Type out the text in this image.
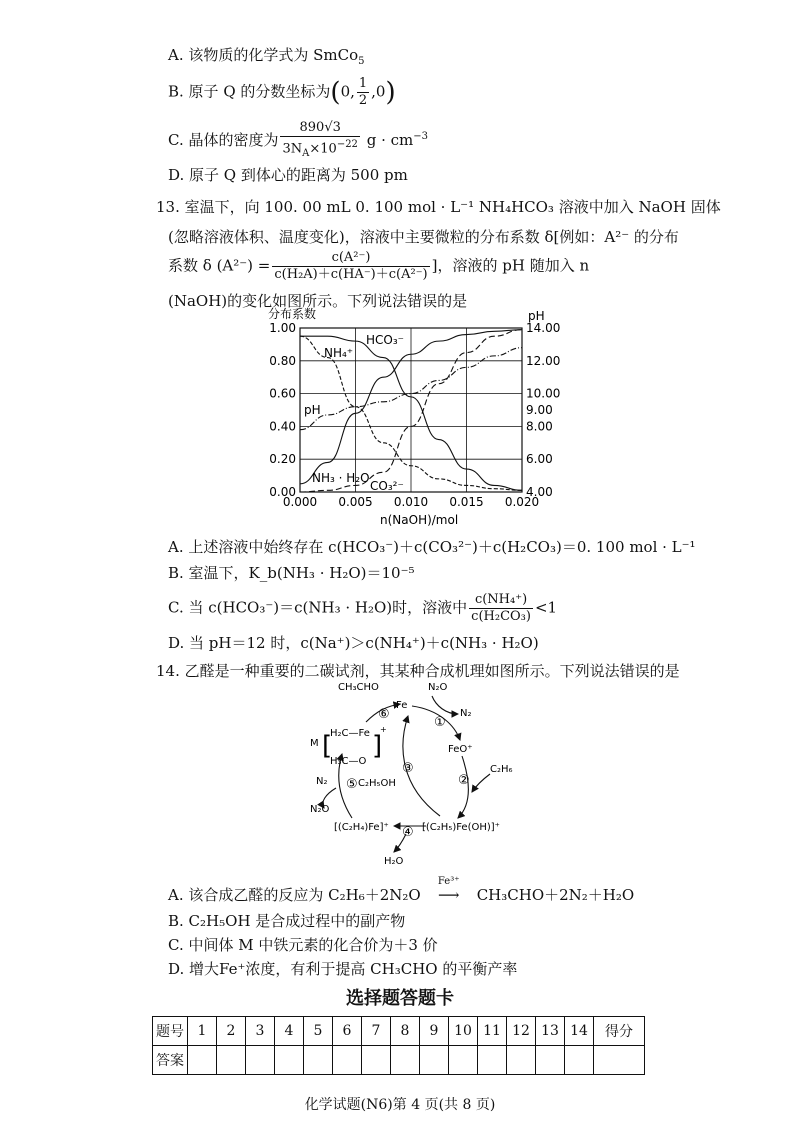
A. 该物质的化学式为 SmCo$_5$
B. 原子 Q 的分数坐标为(0, $\frac{1}{2} ,0$)
C. 晶体的密度为 $\frac{890√3}{3N_A\times 10^{-22}}$ $g \cdot cm^{-3}$
D. 原子 Q 到体心的距离为 500 pm
13. 室温下，向 100. 00 mL 0. 100 mol · L⁻¹ NH₄HCO₃ 溶液中加入 NaOH 固体
(忽略溶液体积、温度变化)，溶液中主要微粒的分布系数 δ[例如：A²⁻ 的分布
系数 δ $(A^{2-}) = \frac{\text{c(A²⁻)}}{\text{c(H₂A)＋c(HA⁻)＋c(A²⁻)}}$ ]，溶液的 pH 随加入 n
(NaOH)的变化如图所示。下列说法错误的是
分布系数	pH
0.000 0.005 0.010 0.015 0.020
0.00
0.20
0.40
0.60
0.80
1.00
4.00
6.00
8.00
9.00
10.00
12.00
14.00
NH₄⁺
HCO₃⁻
pH
NH₃ · H₂O
CO₃²⁻
n(NaOH)/mol
A. 上述溶液中始终存在 c(HCO₃⁻)＋c(CO₃²⁻)＋c(H₂CO₃)＝0. 100 mol · L⁻¹
B. 室温下，K_b(NH₃ · H₂O)＝10⁻⁵
C. 当 c(HCO₃⁻)＝c(NH₃ · H₂O)时，溶液中 $\frac{\text{c(NH₄⁺)}}{\text{c(H₂CO₃)}} <1$
D. 当 pH＝12 时，c(Na⁺)＞c(NH₄⁺)＋c(NH₃ · H₂O)
14. 乙醛是一种重要的二碳试剂，其某种合成机理如图所示。下列说法错误的是
CH₃CHO
Fe
N₂O
N₂
FeO⁺
C₂H₆
M [
H₂C—Fe
H₃C—O
]
+
N₂	C₂H₅OH
N₂O
[(C₂H₄)Fe]⁺	[(C₂H₅)Fe(OH)]⁺
H₂O
①
②
③
④
⑤
⑥
A. 该合成乙醛的反应为 C₂H₆＋2N₂O
Fe³⁺
⟶ CH₃CHO＋2N₂＋H₂O
B. C₂H₅OH 是合成过程中的副产物
C. 中间体 M 中铁元素的化合价为＋3 价
D. 增大Fe⁺浓度，有利于提高 CH₃CHO 的平衡产率
选择题答题卡
题号	1	2	3	4	5	6	7	8	9	10	11	12	13	14	得分
答案															
化学试题(N6)第 4 页(共 8 页)
